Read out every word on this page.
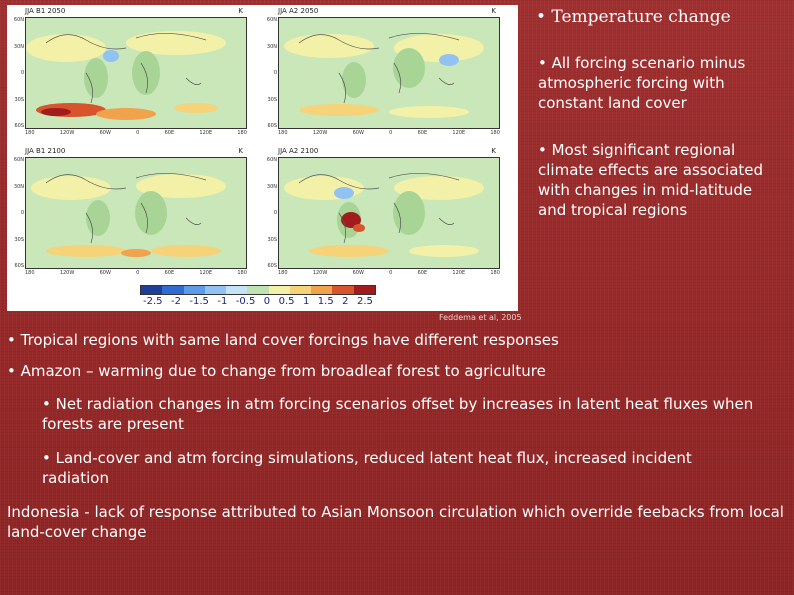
JJA B1 2050	K
60N
30N
0
30S
60S
180	120W	60W	0	60E	120E	180
JJA A2 2050	K
60N
30N
0
30S
60S
180	120W	60W	0	60E	120E	180
JJA B1 2100	K
60N
30N
0
30S
60S
180	120W	60W	0	60E	120E	180
JJA A2 2100	K
60N
30N
0
30S
60S
180	120W	60W	0	60E	120E	180
-2.5 -2 -1.5 -1 -0.5 0 0.5 1 1.5 2 2.5
Feddema et al, 2005
• Temperature change
• All forcing scenario minus atmospheric forcing with constant land cover
• Most significant regional climate effects are associated with changes in mid-latitude and tropical regions
• Tropical regions with same land cover forcings have different responses
• Amazon – warming due to change from broadleaf forest to agriculture
• Net radiation changes in atm forcing scenarios offset by increases in latent heat fluxes when forests are present
• Land-cover and atm forcing simulations, reduced latent heat flux, increased incident radiation
Indonesia - lack of response attributed to Asian Monsoon circulation which override feebacks from local land-cover change
